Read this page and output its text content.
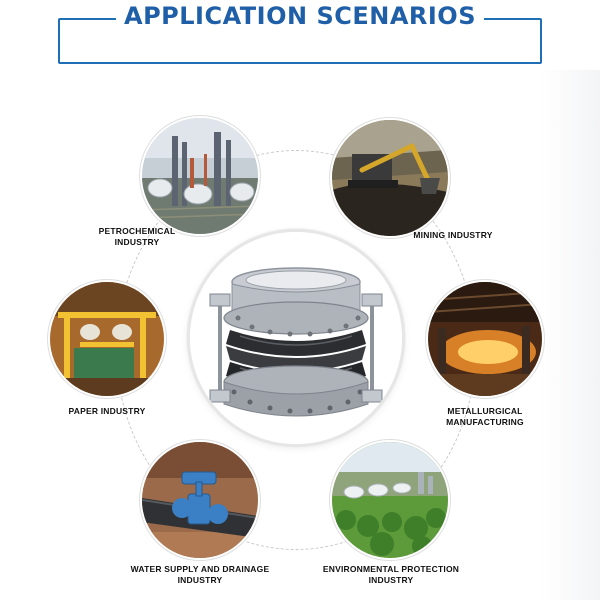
APPLICATION SCENARIOS
PETROCHEMICAL
INDUSTRY
MINING INDUSTRY
PAPER INDUSTRY	METALLURGICAL
MANUFACTURING
WATER SUPPLY AND DRAINAGE
INDUSTRY
ENVIRONMENTAL PROTECTION
INDUSTRY
